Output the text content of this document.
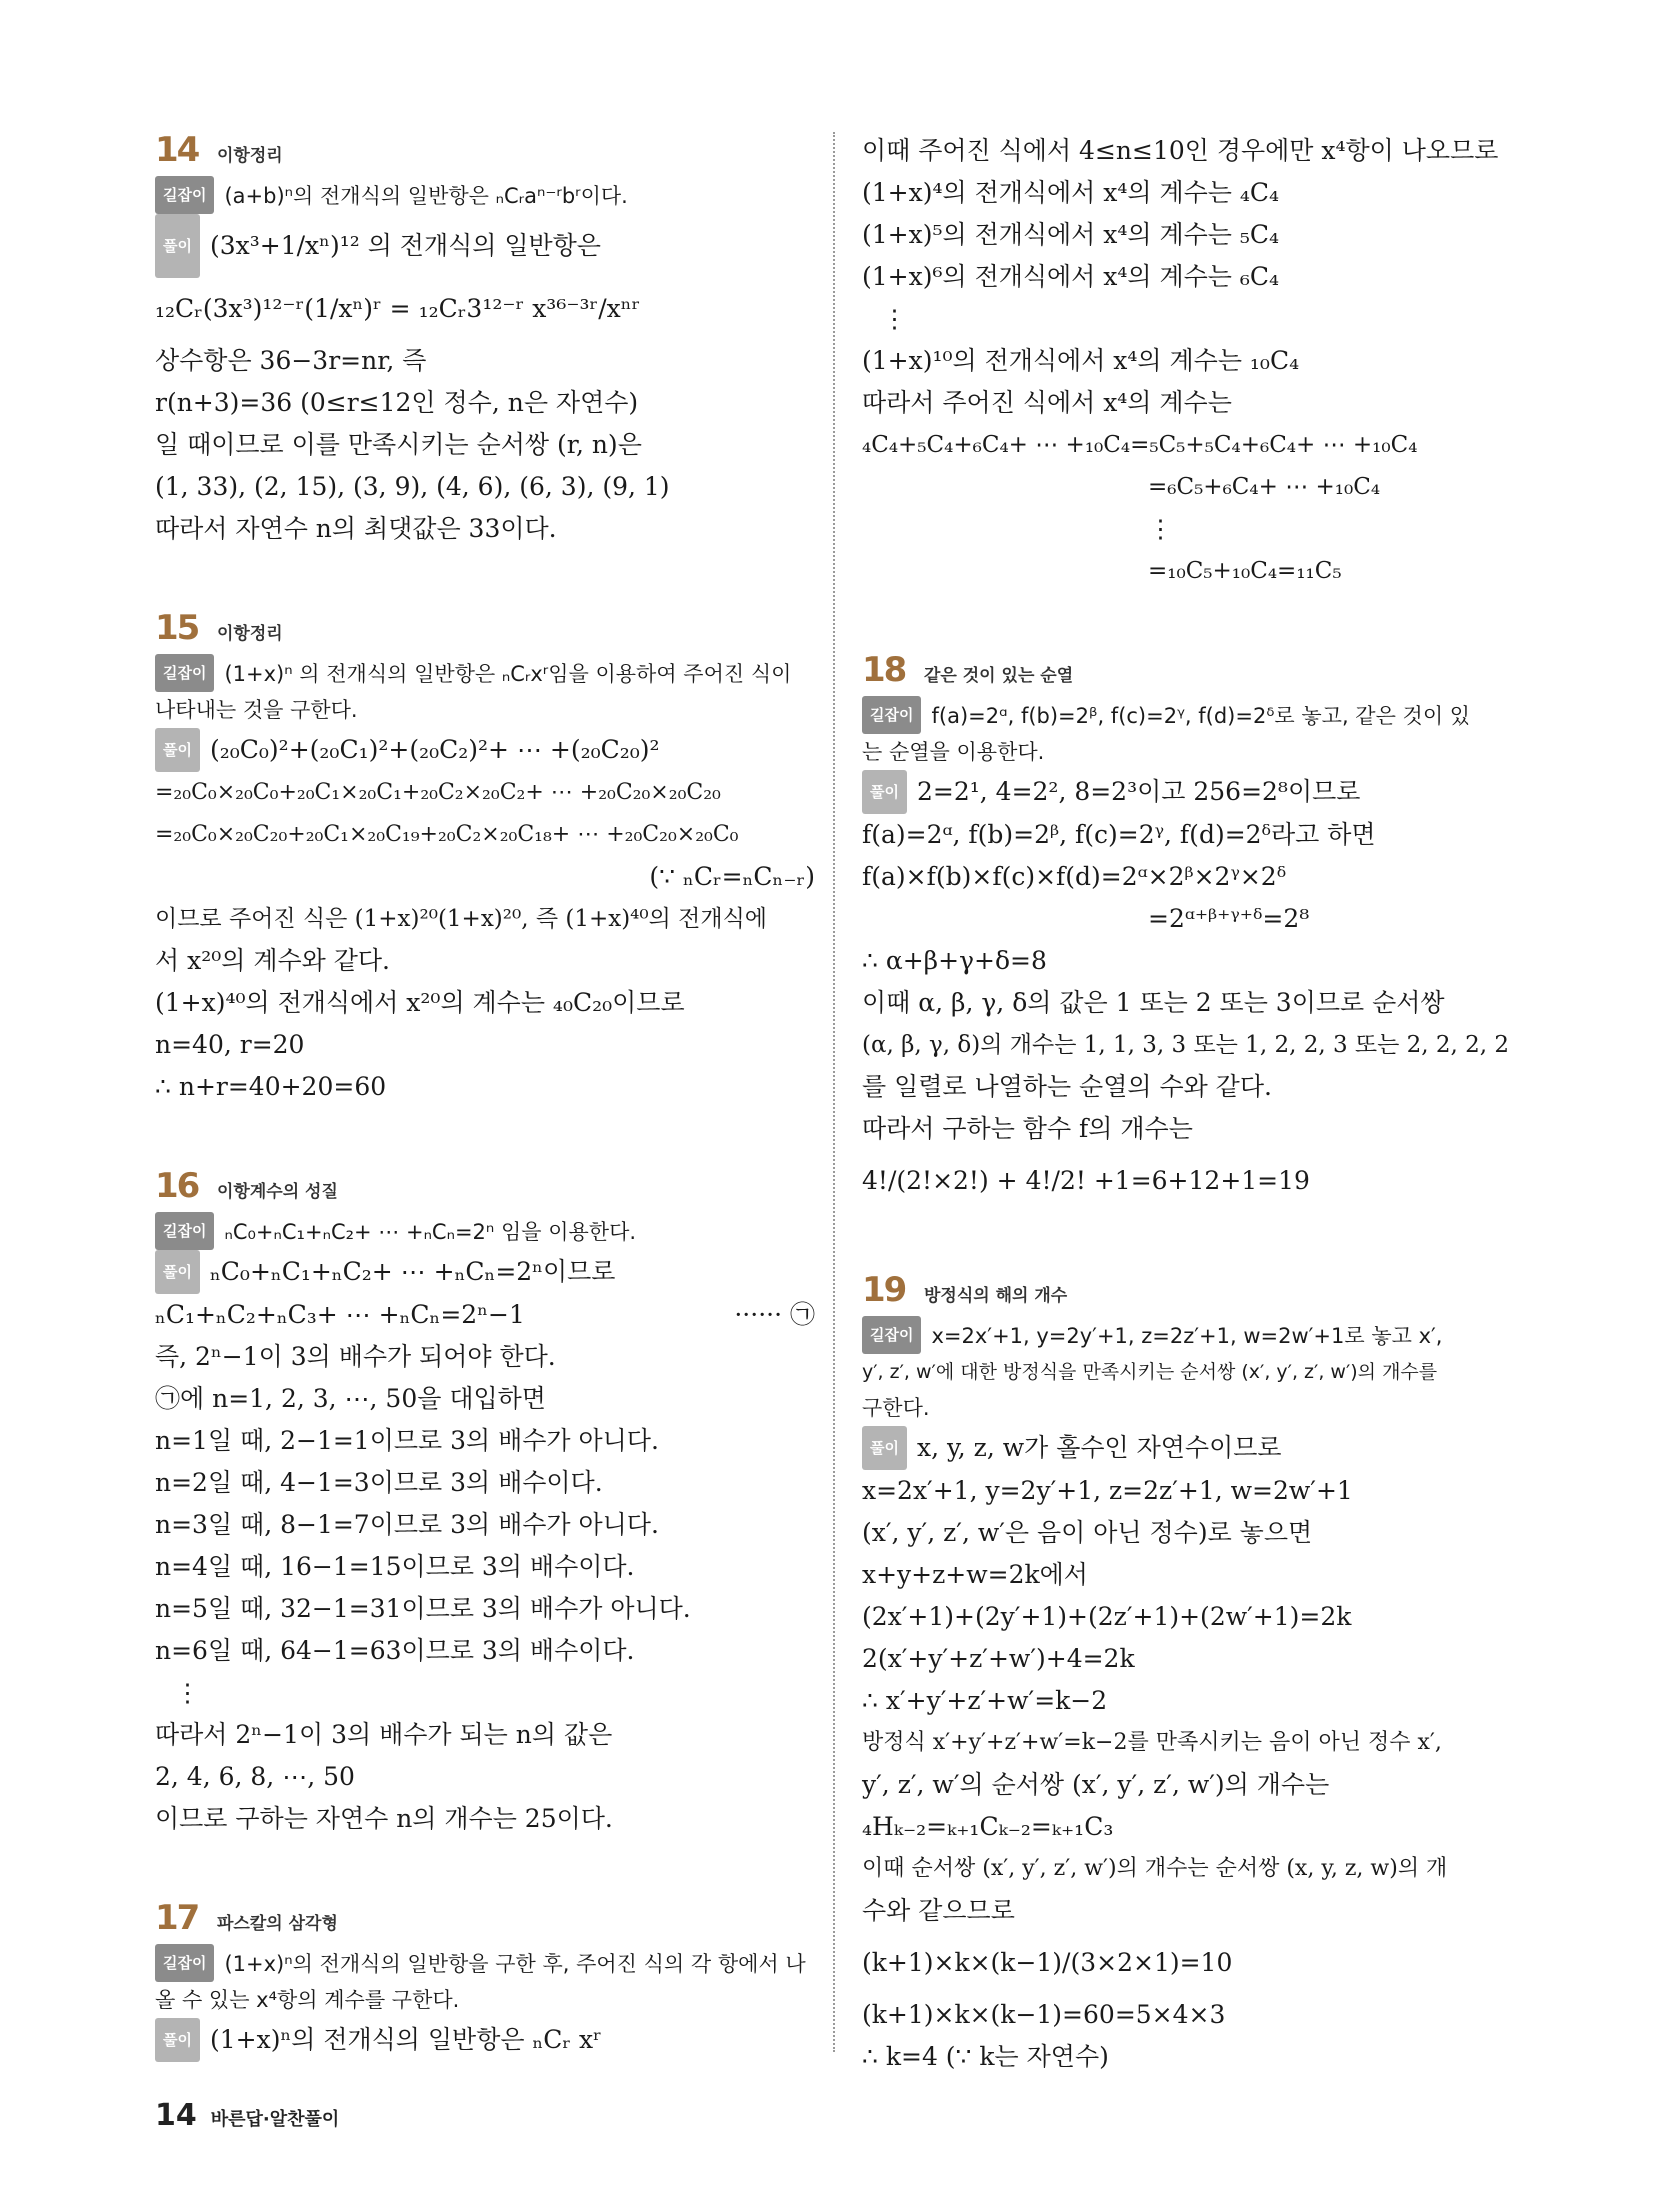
14	이항정리

길잡이 (a+b)ⁿ의 전개식의 일반항은 ₙCᵣaⁿ⁻ʳbʳ이다.

풀이 (3x³+1/xⁿ)¹² 의 전개식의 일반항은

₁₂Cᵣ(3x³)¹²⁻ʳ(1/xⁿ)ʳ = ₁₂Cᵣ3¹²⁻ʳ x³⁶⁻³ʳ/xⁿʳ

상수항은 36−3r=nr, 즉

r(n+3)=36 (0≤r≤12인 정수, n은 자연수)

일 때이므로 이를 만족시키는 순서쌍 (r, n)은

(1, 33), (2, 15), (3, 9), (4, 6), (6, 3), (9, 1)

따라서 자연수 n의 최댓값은 33이다.

15	이항정리

길잡이 (1+x)ⁿ 의 전개식의 일반항은 ₙCᵣxʳ임을 이용하여 주어진 식이

나타내는 것을 구한다.

풀이 (₂₀C₀)²+(₂₀C₁)²+(₂₀C₂)²+ ⋯ +(₂₀C₂₀)²

=₂₀C₀×₂₀C₀+₂₀C₁×₂₀C₁+₂₀C₂×₂₀C₂+ ⋯ +₂₀C₂₀×₂₀C₂₀

=₂₀C₀×₂₀C₂₀+₂₀C₁×₂₀C₁₉+₂₀C₂×₂₀C₁₈+ ⋯ +₂₀C₂₀×₂₀C₀

(∵ ₙCᵣ=ₙCₙ₋ᵣ)

이므로 주어진 식은 (1+x)²⁰(1+x)²⁰, 즉 (1+x)⁴⁰의 전개식에

서 x²⁰의 계수와 같다.

(1+x)⁴⁰의 전개식에서 x²⁰의 계수는 ₄₀C₂₀이므로

n=40, r=20

∴ n+r=40+20=60

16	이항계수의 성질

길잡이 ₙC₀+ₙC₁+ₙC₂+ ⋯ +ₙCₙ=2ⁿ 임을 이용한다.

풀이 ₙC₀+ₙC₁+ₙC₂+ ⋯ +ₙCₙ=2ⁿ이므로

ₙC₁+ₙC₂+ₙC₃+ ⋯ +ₙCₙ=2ⁿ−1	······ ㉠

즉, 2ⁿ−1이 3의 배수가 되어야 한다.

㉠에 n=1, 2, 3, ⋯, 50을 대입하면

n=1일 때, 2−1=1이므로 3의 배수가 아니다.

n=2일 때, 4−1=3이므로 3의 배수이다.

n=3일 때, 8−1=7이므로 3의 배수가 아니다.

n=4일 때, 16−1=15이므로 3의 배수이다.

n=5일 때, 32−1=31이므로 3의 배수가 아니다.

n=6일 때, 64−1=63이므로 3의 배수이다.

⋮

따라서 2ⁿ−1이 3의 배수가 되는 n의 값은

2, 4, 6, 8, ⋯, 50

이므로 구하는 자연수 n의 개수는 25이다.

17	파스칼의 삼각형

길잡이 (1+x)ⁿ의 전개식의 일반항을 구한 후, 주어진 식의 각 항에서 나

올 수 있는 x⁴항의 계수를 구한다.

풀이 (1+x)ⁿ의 전개식의 일반항은 ₙCᵣ xʳ

이때 주어진 식에서 4≤n≤10인 경우에만 x⁴항이 나오므로

(1+x)⁴의 전개식에서 x⁴의 계수는 ₄C₄

(1+x)⁵의 전개식에서 x⁴의 계수는 ₅C₄

(1+x)⁶의 전개식에서 x⁴의 계수는 ₆C₄

⋮

(1+x)¹⁰의 전개식에서 x⁴의 계수는 ₁₀C₄

따라서 주어진 식에서 x⁴의 계수는

₄C₄+₅C₄+₆C₄+ ⋯ +₁₀C₄=₅C₅+₅C₄+₆C₄+ ⋯ +₁₀C₄

=₆C₅+₆C₄+ ⋯ +₁₀C₄

⋮

=₁₀C₅+₁₀C₄=₁₁C₅

18	같은 것이 있는 순열

길잡이 f(a)=2ᵅ, f(b)=2ᵝ, f(c)=2ᵞ, f(d)=2ᵟ로 놓고, 같은 것이 있

는 순열을 이용한다.

풀이 2=2¹, 4=2², 8=2³이고 256=2⁸이므로

f(a)=2ᵅ, f(b)=2ᵝ, f(c)=2ᵞ, f(d)=2ᵟ라고 하면

f(a)×f(b)×f(c)×f(d)=2ᵅ×2ᵝ×2ᵞ×2ᵟ

=2ᵅ⁺ᵝ⁺ᵞ⁺ᵟ=2⁸

∴ α+β+γ+δ=8

이때 α, β, γ, δ의 값은 1 또는 2 또는 3이므로 순서쌍

(α, β, γ, δ)의 개수는 1, 1, 3, 3 또는 1, 2, 2, 3 또는 2, 2, 2, 2

를 일렬로 나열하는 순열의 수와 같다.

따라서 구하는 함수 f의 개수는

4!/(2!×2!) + 4!/2! +1=6+12+1=19

19	방정식의 해의 개수

길잡이 x=2x′+1, y=2y′+1, z=2z′+1, w=2w′+1로 놓고 x′,

y′, z′, w′에 대한 방정식을 만족시키는 순서쌍 (x′, y′, z′, w′)의 개수를

구한다.

풀이 x, y, z, w가 홀수인 자연수이므로

x=2x′+1, y=2y′+1, z=2z′+1, w=2w′+1

(x′, y′, z′, w′은 음이 아닌 정수)로 놓으면

x+y+z+w=2k에서

(2x′+1)+(2y′+1)+(2z′+1)+(2w′+1)=2k

2(x′+y′+z′+w′)+4=2k

∴ x′+y′+z′+w′=k−2

방정식 x′+y′+z′+w′=k−2를 만족시키는 음이 아닌 정수 x′,

y′, z′, w′의 순서쌍 (x′, y′, z′, w′)의 개수는

₄Hₖ₋₂=ₖ₊₁Cₖ₋₂=ₖ₊₁C₃

이때 순서쌍 (x′, y′, z′, w′)의 개수는 순서쌍 (x, y, z, w)의 개

수와 같으므로

(k+1)×k×(k−1)/(3×2×1)=10

(k+1)×k×(k−1)=60=5×4×3

∴ k=4 (∵ k는 자연수)

14 바른답·알찬풀이
